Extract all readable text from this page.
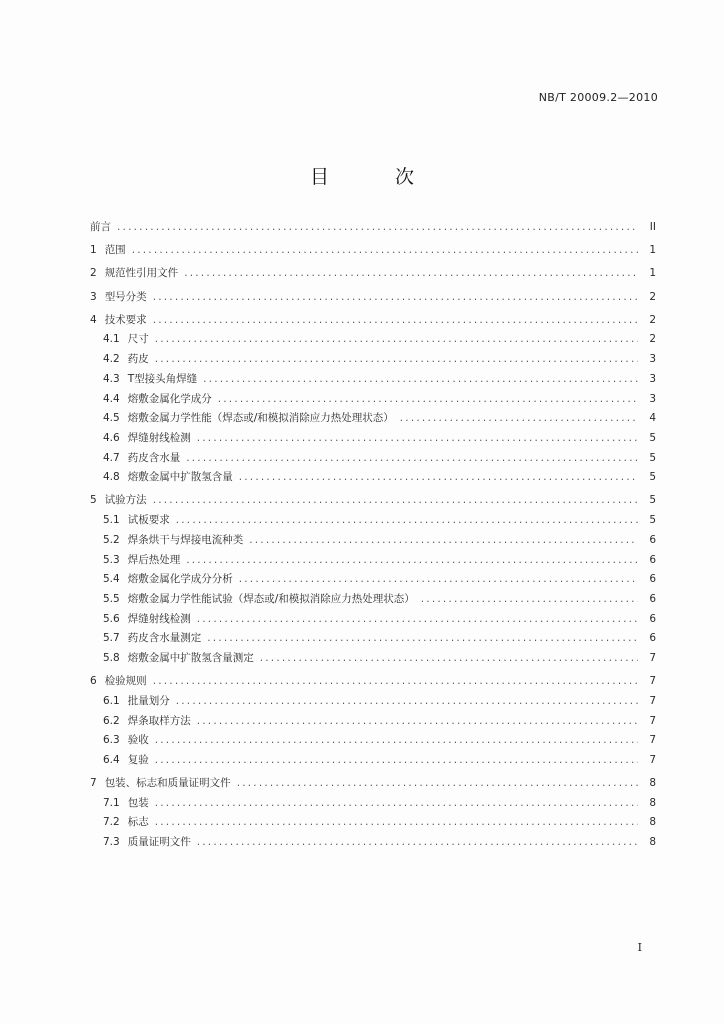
NB/T 20009.2—2010
目 次
前言 .....	II
1 范围 .....	1
2 规范性引用文件 .....	1
3 型号分类 .....	2
4 技术要求 .....	2
4.1 尺寸 .....	2
4.2 药皮 .....	3
4.3 T型接头角焊缝 .....	3
4.4 熔敷金属化学成分 .....	3
4.5 熔敷金属力学性能（焊态或/和模拟消除应力热处理状态） .....	4
4.6 焊缝射线检测 .....	5
4.7 药皮含水量 .....	5
4.8 熔敷金属中扩散氢含量 .....	5
5 试验方法 .....	5
5.1 试板要求 .....	5
5.2 焊条烘干与焊接电流种类 .....	6
5.3 焊后热处理 .....	6
5.4 熔敷金属化学成分分析 .....	6
5.5 熔敷金属力学性能试验（焊态或/和模拟消除应力热处理状态） .....	6
5.6 焊缝射线检测 .....	6
5.7 药皮含水量测定 .....	6
5.8 熔敷金属中扩散氢含量测定 .....	7
6 检验规则 .....	7
6.1 批量划分 .....	7
6.2 焊条取样方法 .....	7
6.3 验收 .....	7
6.4 复验 .....	7
7 包装、标志和质量证明文件 .....	8
7.1 包装 .....	8
7.2 标志 .....	8
7.3 质量证明文件 .....	8
I
